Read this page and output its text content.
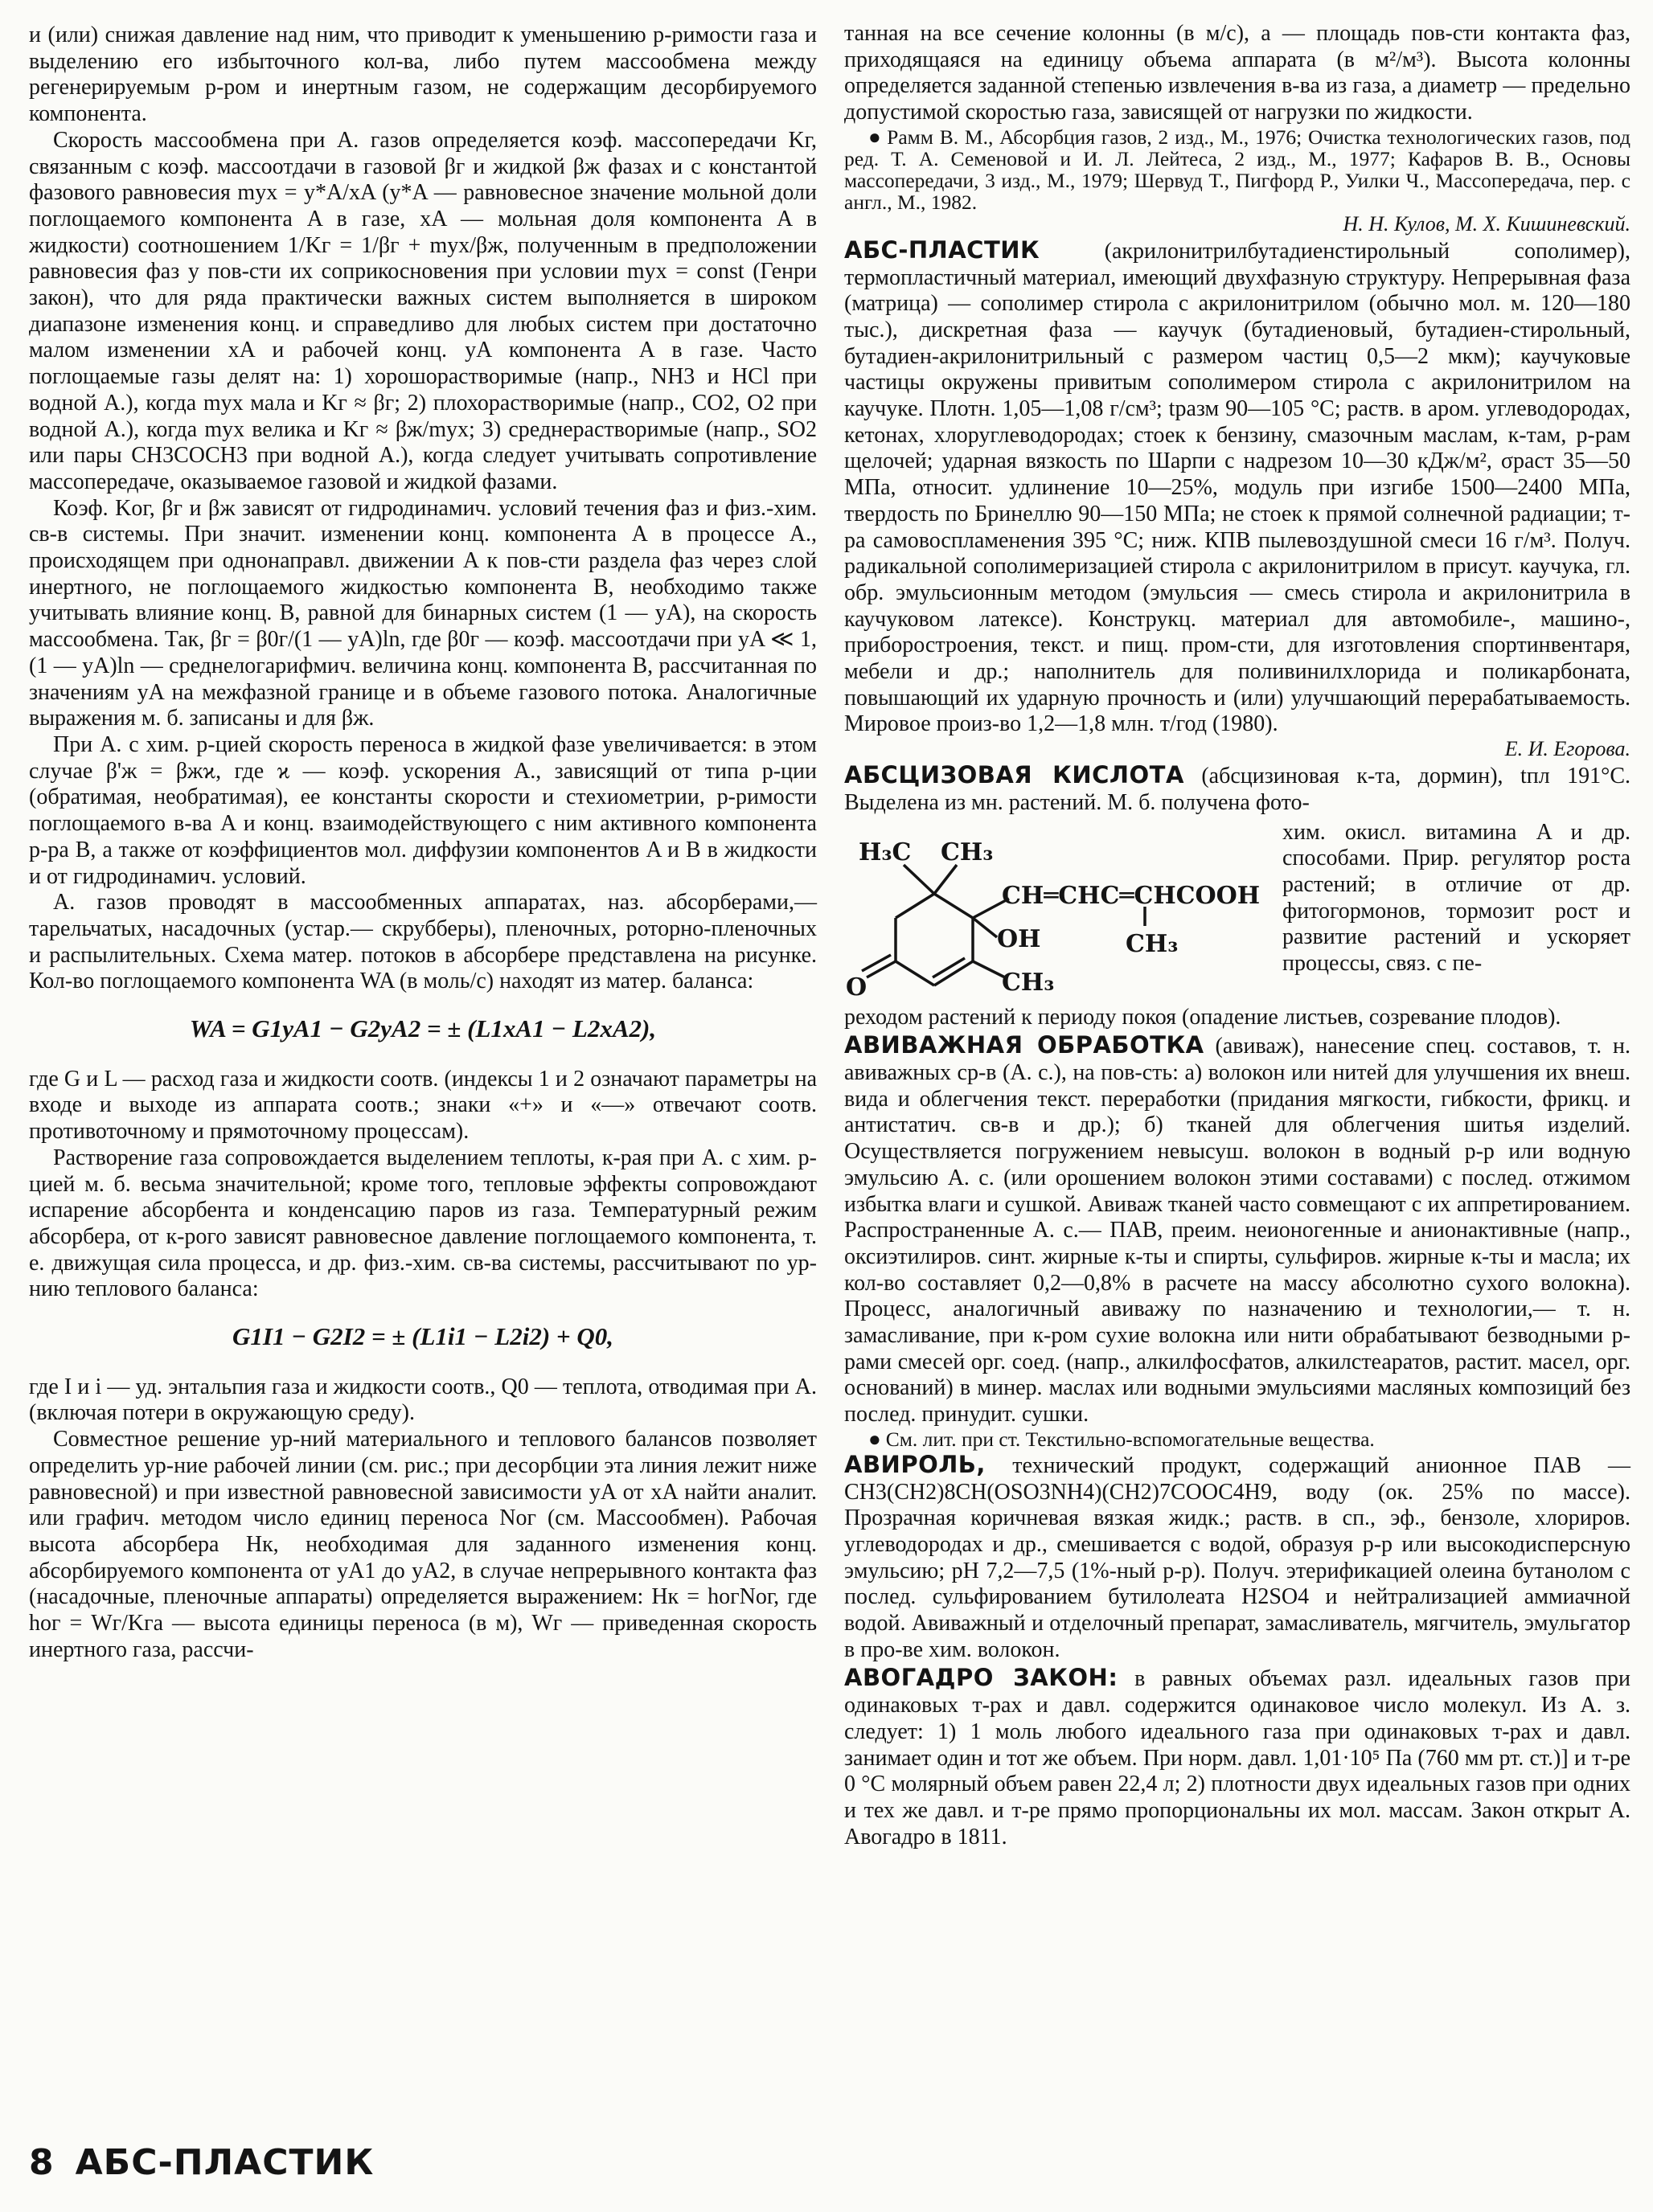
и (или) снижая давление над ним, что приводит к уменьшению р-римости газа и выделению его избыточного кол-ва, либо путем массообмена между регенерируемым р-ром и инертным газом, не содержащим десорбируемого компонента.

Скорость массообмена при А. газов определяется коэф. массопередачи Kг, связанным с коэф. массоотдачи в газовой βг и жидкой βж фазах и с константой фазового равновесия myx = y*A/xA (y*A — равновесное значение мольной доли поглощаемого компонента A в газе, xA — мольная доля компонента A в жидкости) соотношением 1/Kг = 1/βг + myx/βж, полученным в предположении равновесия фаз у пов-сти их соприкосновения при условии myx = const (Генри закон), что для ряда практически важных систем выполняется в широком диапазоне изменения конц. и справедливо для любых систем при достаточно малом изменении xA и рабочей конц. yA компонента A в газе. Часто поглощаемые газы делят на: 1) хорошорастворимые (напр., NH3 и HCl при водной А.), когда myx мала и Kг ≈ βг; 2) плохорастворимые (напр., CO2, O2 при водной А.), когда myx велика и Kг ≈ βж/myx; 3) среднерастворимые (напр., SO2 или пары CH3COCH3 при водной А.), когда следует учитывать сопротивление массопередаче, оказываемое газовой и жидкой фазами.

Коэф. Kог, βг и βж зависят от гидродинамич. условий течения фаз и физ.-хим. св-в системы. При значит. изменении конц. компонента A в процессе А., происходящем при однонаправл. движении A к пов-сти раздела фаз через слой инертного, не поглощаемого жидкостью компонента B, необходимо также учитывать влияние конц. B, равной для бинарных систем (1 — yA), на скорость массообмена. Так, βг = β0г/(1 — yA)ln, где β0г — коэф. массоотдачи при yA ≪ 1, (1 — yA)ln — среднелогарифмич. величина конц. компонента B, рассчитанная по значениям yA на межфазной границе и в объеме газового потока. Аналогичные выражения м. б. записаны и для βж.

При А. с хим. р-цией скорость переноса в жидкой фазе увеличивается: в этом случае β'ж = βжϰ, где ϰ — коэф. ускорения А., зависящий от типа р-ции (обратимая, необратимая), ее константы скорости и стехиометрии, р-римости поглощаемого в-ва A и конц. взаимодействующего с ним активного компонента р-ра B, а также от коэффициентов мол. диффузии компонентов A и B в жидкости и от гидродинамич. условий.

А. газов проводят в массообменных аппаратах, наз. абсорберами,— тарельчатых, насадочных (устар.— скрубберы), пленочных, роторно-пленочных и распылительных. Схема матер. потоков в абсорбере представлена на рисунке. Кол-во поглощаемого компонента WA (в моль/с) находят из матер. баланса:

WA = G1yA1 − G2yA2 = ± (L1xA1 − L2xA2),

где G и L — расход газа и жидкости соотв. (индексы 1 и 2 означают параметры на входе и выходе из аппарата соотв.; знаки «+» и «—» отвечают соотв. противоточному и прямоточному процессам).

Растворение газа сопровождается выделением теплоты, к-рая при А. с хим. р-цией м. б. весьма значительной; кроме того, тепловые эффекты сопровождают испарение абсорбента и конденсацию паров из газа. Температурный режим абсорбера, от к-рого зависят равновесное давление поглощаемого компонента, т. е. движущая сила процесса, и др. физ.-хим. св-ва системы, рассчитывают по ур-нию теплового баланса:

G1I1 − G2I2 = ± (L1i1 − L2i2) + Q0,

где I и i — уд. энтальпия газа и жидкости соотв., Q0 — теплота, отводимая при А. (включая потери в окружающую среду).

Совместное решение ур-ний материального и теплового балансов позволяет определить ур-ние рабочей линии (см. рис.; при десорбции эта линия лежит ниже равновесной) и при известной равновесной зависимости yA от xA найти аналит. или графич. методом число единиц переноса Nог (см. Массообмен). Рабочая высота абсорбера Hк, необходимая для заданного изменения конц. абсорбируемого компонента от yA1 до yA2, в случае непрерывного контакта фаз (насадочные, пленочные аппараты) определяется выражением: Hк = hогNог, где hог = Wг/Kгa — высота единицы переноса (в м), Wг — приведенная скорость инертного газа, рассчи-

танная на все сечение колонны (в м/с), a — площадь пов-сти контакта фаз, приходящаяся на единицу объема аппарата (в м²/м³). Высота колонны определяется заданной степенью извлечения в-ва из газа, а диаметр — предельно допустимой скоростью газа, зависящей от нагрузки по жидкости.

● Рамм В. М., Абсорбция газов, 2 изд., М., 1976; Очистка технологических газов, под ред. Т. А. Семеновой и И. Л. Лейтеса, 2 изд., М., 1977; Кафаров В. В., Основы массопередачи, 3 изд., М., 1979; Шервуд Т., Пигфорд Р., Уилки Ч., Массопередача, пер. с англ., М., 1982.

Н. Н. Кулов, М. Х. Кишиневский.

АБС-ПЛАСТИК	(акрилонитрилбутадиенстирольный сополимер), термопластичный материал, имеющий двухфазную структуру. Непрерывная фаза (матрица) — сополимер стирола с акрилонитрилом (обычно мол. м. 120—180 тыс.), дискретная фаза — каучук (бутадиеновый, бутадиен-стирольный, бутадиен-акрилонитрильный с размером частиц 0,5—2 мкм); каучуковые частицы окружены привитым сополимером стирола с акрилонитрилом на каучуке. Плотн. 1,05—1,08 г/см³; tразм 90—105 °C; раств. в аром. углеводородах, кетонах, хлоруглеводородах; стоек к бензину, смазочным маслам, к-там, р-рам щелочей; ударная вязкость по Шарпи с надрезом 10—30 кДж/м², σраст 35—50 МПа, относит. удлинение 10—25%, модуль при изгибе 1500—2400 МПа, твердость по Бринеллю 90—150 МПа; не стоек к прямой солнечной радиации; т-ра самовоспламенения 395 °C; ниж. КПВ пылевоздушной смеси 16 г/м³. Получ. радикальной сополимеризацией стирола с акрилонитрилом в присут. каучука, гл. обр. эмульсионным методом (эмульсия — смесь стирола и акрилонитрила в каучуковом латексе). Конструкц. материал для автомобиле-, машино-, приборостроения, текст. и пищ. пром-сти, для изготовления спортинвентаря, мебели и др.; наполнитель для поливинилхлорида и поликарбоната, повышающий их ударную прочность и (или) улучшающий перерабатываемость. Мировое произ-во 1,2—1,8 млн. т/год (1980).

Е. И. Егорова.

АБСЦИЗОВАЯ КИСЛОТА (абсцизиновая к-та, дормин), tпл 191°C. Выделена из мн. растений. М. б. получена фото-

H₃C CH₃
CH═CHC═CHCOOH
OH	CH₃
CH₃
O
хим. окисл. витамина A и др. способами. Прир. регулятор роста растений; в отличие от др. фитогормонов, тормозит рост и развитие растений и ускоряет процессы, связ. с пе-

реходом растений к периоду покоя (опадение листьев, созревание плодов).

АВИВАЖНАЯ ОБРАБОТКА (авиваж), нанесение спец. составов, т. н. авиважных ср-в (А. с.), на пов-сть: а) волокон или нитей для улучшения их внеш. вида и облегчения текст. переработки (придания мягкости, гибкости, фрикц. и антистатич. св-в и др.); б) тканей для облегчения шитья изделий. Осуществляется погружением невысуш. волокон в водный р-р или водную эмульсию А. с. (или орошением волокон этими составами) с послед. отжимом избытка влаги и сушкой. Авиваж тканей часто совмещают с их аппретированием. Распространенные А. с.— ПАВ, преим. неионогенные и анионактивные (напр., оксиэтилиров. синт. жирные к-ты и спирты, сульфиров. жирные к-ты и масла; их кол-во составляет 0,2—0,8% в расчете на массу абсолютно сухого волокна). Процесс, аналогичный авиважу по назначению и технологии,— т. н. замасливание, при к-ром сухие волокна или нити обрабатывают безводными р-рами смесей орг. соед. (напр., алкилфосфатов, алкилстеаратов, растит. масел, орг. оснований) в минер. маслах или водными эмульсиями масляных композиций без послед. принудит. сушки.

● См. лит. при ст. Текстильно-вспомогательные вещества.

АВИРОЛЬ, технический продукт, содержащий анионное ПАВ — CH3(CH2)8CH(OSO3NH4)(CH2)7COOC4H9, воду (ок. 25% по массе). Прозрачная коричневая вязкая жидк.; раств. в сп., эф., бензоле, хлориров. углеводородах и др., смешивается с водой, образуя р-р или высокодисперсную эмульсию; pH 7,2—7,5 (1%-ный р-р). Получ. этерификацией олеина бутанолом с послед. сульфированием бутилолеата H2SO4 и нейтрализацией аммиачной водой. Авиважный и отделочный препарат, замасливатель, мягчитель, эмульгатор в про-ве хим. волокон.

АВОГАДРО ЗАКОН: в равных объемах разл. идеальных газов при одинаковых т-рах и давл. содержится одинаковое число молекул. Из А. з. следует: 1) 1 моль любого идеального газа при одинаковых т-рах и давл. занимает один и тот же объем. При норм. давл. 1,01·10⁵ Па (760 мм рт. ст.)] и т-ре 0 °C молярный объем равен 22,4 л; 2) плотности двух идеальных газов при одних и тех же давл. и т-ре прямо пропорциональны их мол. массам. Закон открыт А. Авогадро в 1811.

8 АБС-ПЛАСТИК
